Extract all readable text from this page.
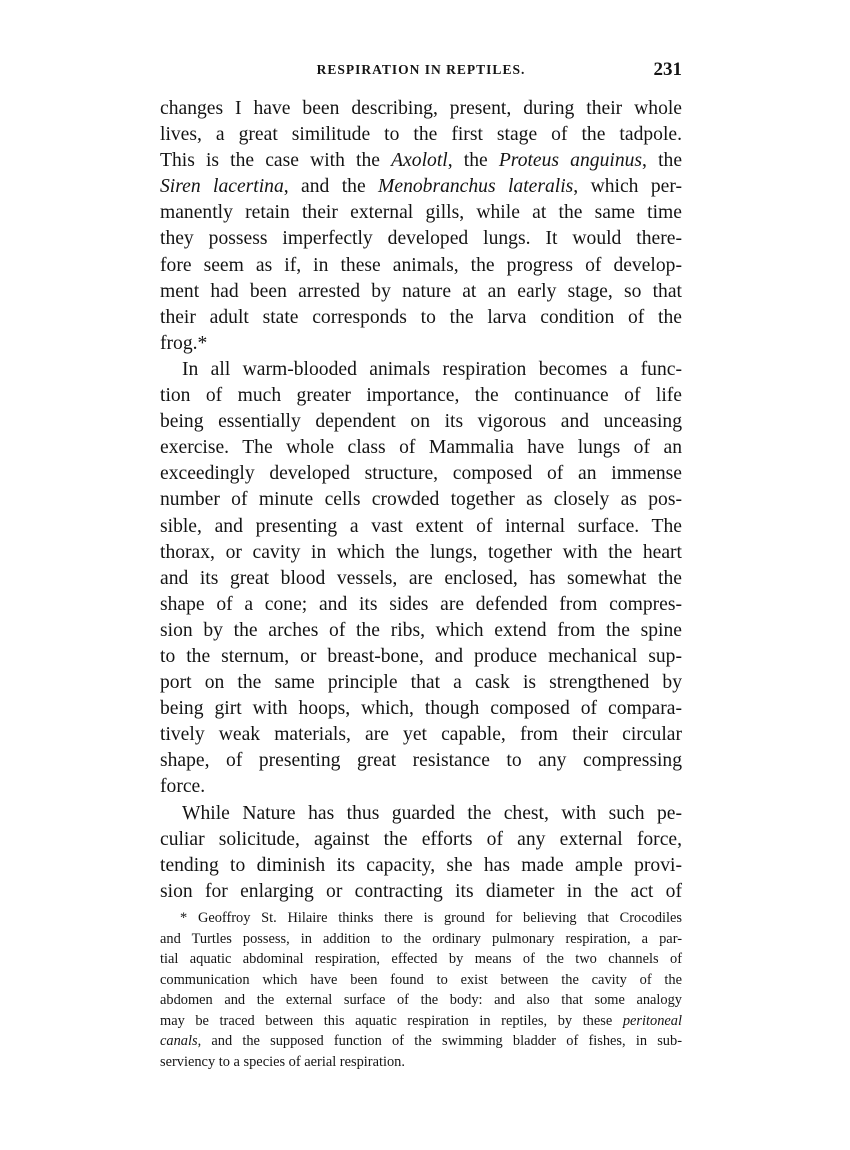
RESPIRATION IN REPTILES.	231
changes I have been describing, present, during their whole
lives, a great similitude to the first stage of the tadpole.
This is the case with the Axolotl, the Proteus anguinus, the
Siren lacertina, and the Menobranchus lateralis, which per-
manently retain their external gills, while at the same time
they possess imperfectly developed lungs. It would there-
fore seem as if, in these animals, the progress of develop-
ment had been arrested by nature at an early stage, so that
their adult state corresponds to the larva condition of the
frog.*
In all warm-blooded animals respiration becomes a func-
tion of much greater importance, the continuance of life
being essentially dependent on its vigorous and unceasing
exercise. The whole class of Mammalia have lungs of an
exceedingly developed structure, composed of an immense
number of minute cells crowded together as closely as pos-
sible, and presenting a vast extent of internal surface. The
thorax, or cavity in which the lungs, together with the heart
and its great blood vessels, are enclosed, has somewhat the
shape of a cone; and its sides are defended from compres-
sion by the arches of the ribs, which extend from the spine
to the sternum, or breast-bone, and produce mechanical sup-
port on the same principle that a cask is strengthened by
being girt with hoops, which, though composed of compara-
tively weak materials, are yet capable, from their circular
shape, of presenting great resistance to any compressing
force.
While Nature has thus guarded the chest, with such pe-
culiar solicitude, against the efforts of any external force,
tending to diminish its capacity, she has made ample provi-
sion for enlarging or contracting its diameter in the act of
* Geoffroy St. Hilaire thinks there is ground for believing that Crocodiles
and Turtles possess, in addition to the ordinary pulmonary respiration, a par-
tial aquatic abdominal respiration, effected by means of the two channels of
communication which have been found to exist between the cavity of the
abdomen and the external surface of the body: and also that some analogy
may be traced between this aquatic respiration in reptiles, by these peritoneal
canals, and the supposed function of the swimming bladder of fishes, in sub-
serviency to a species of aerial respiration.
